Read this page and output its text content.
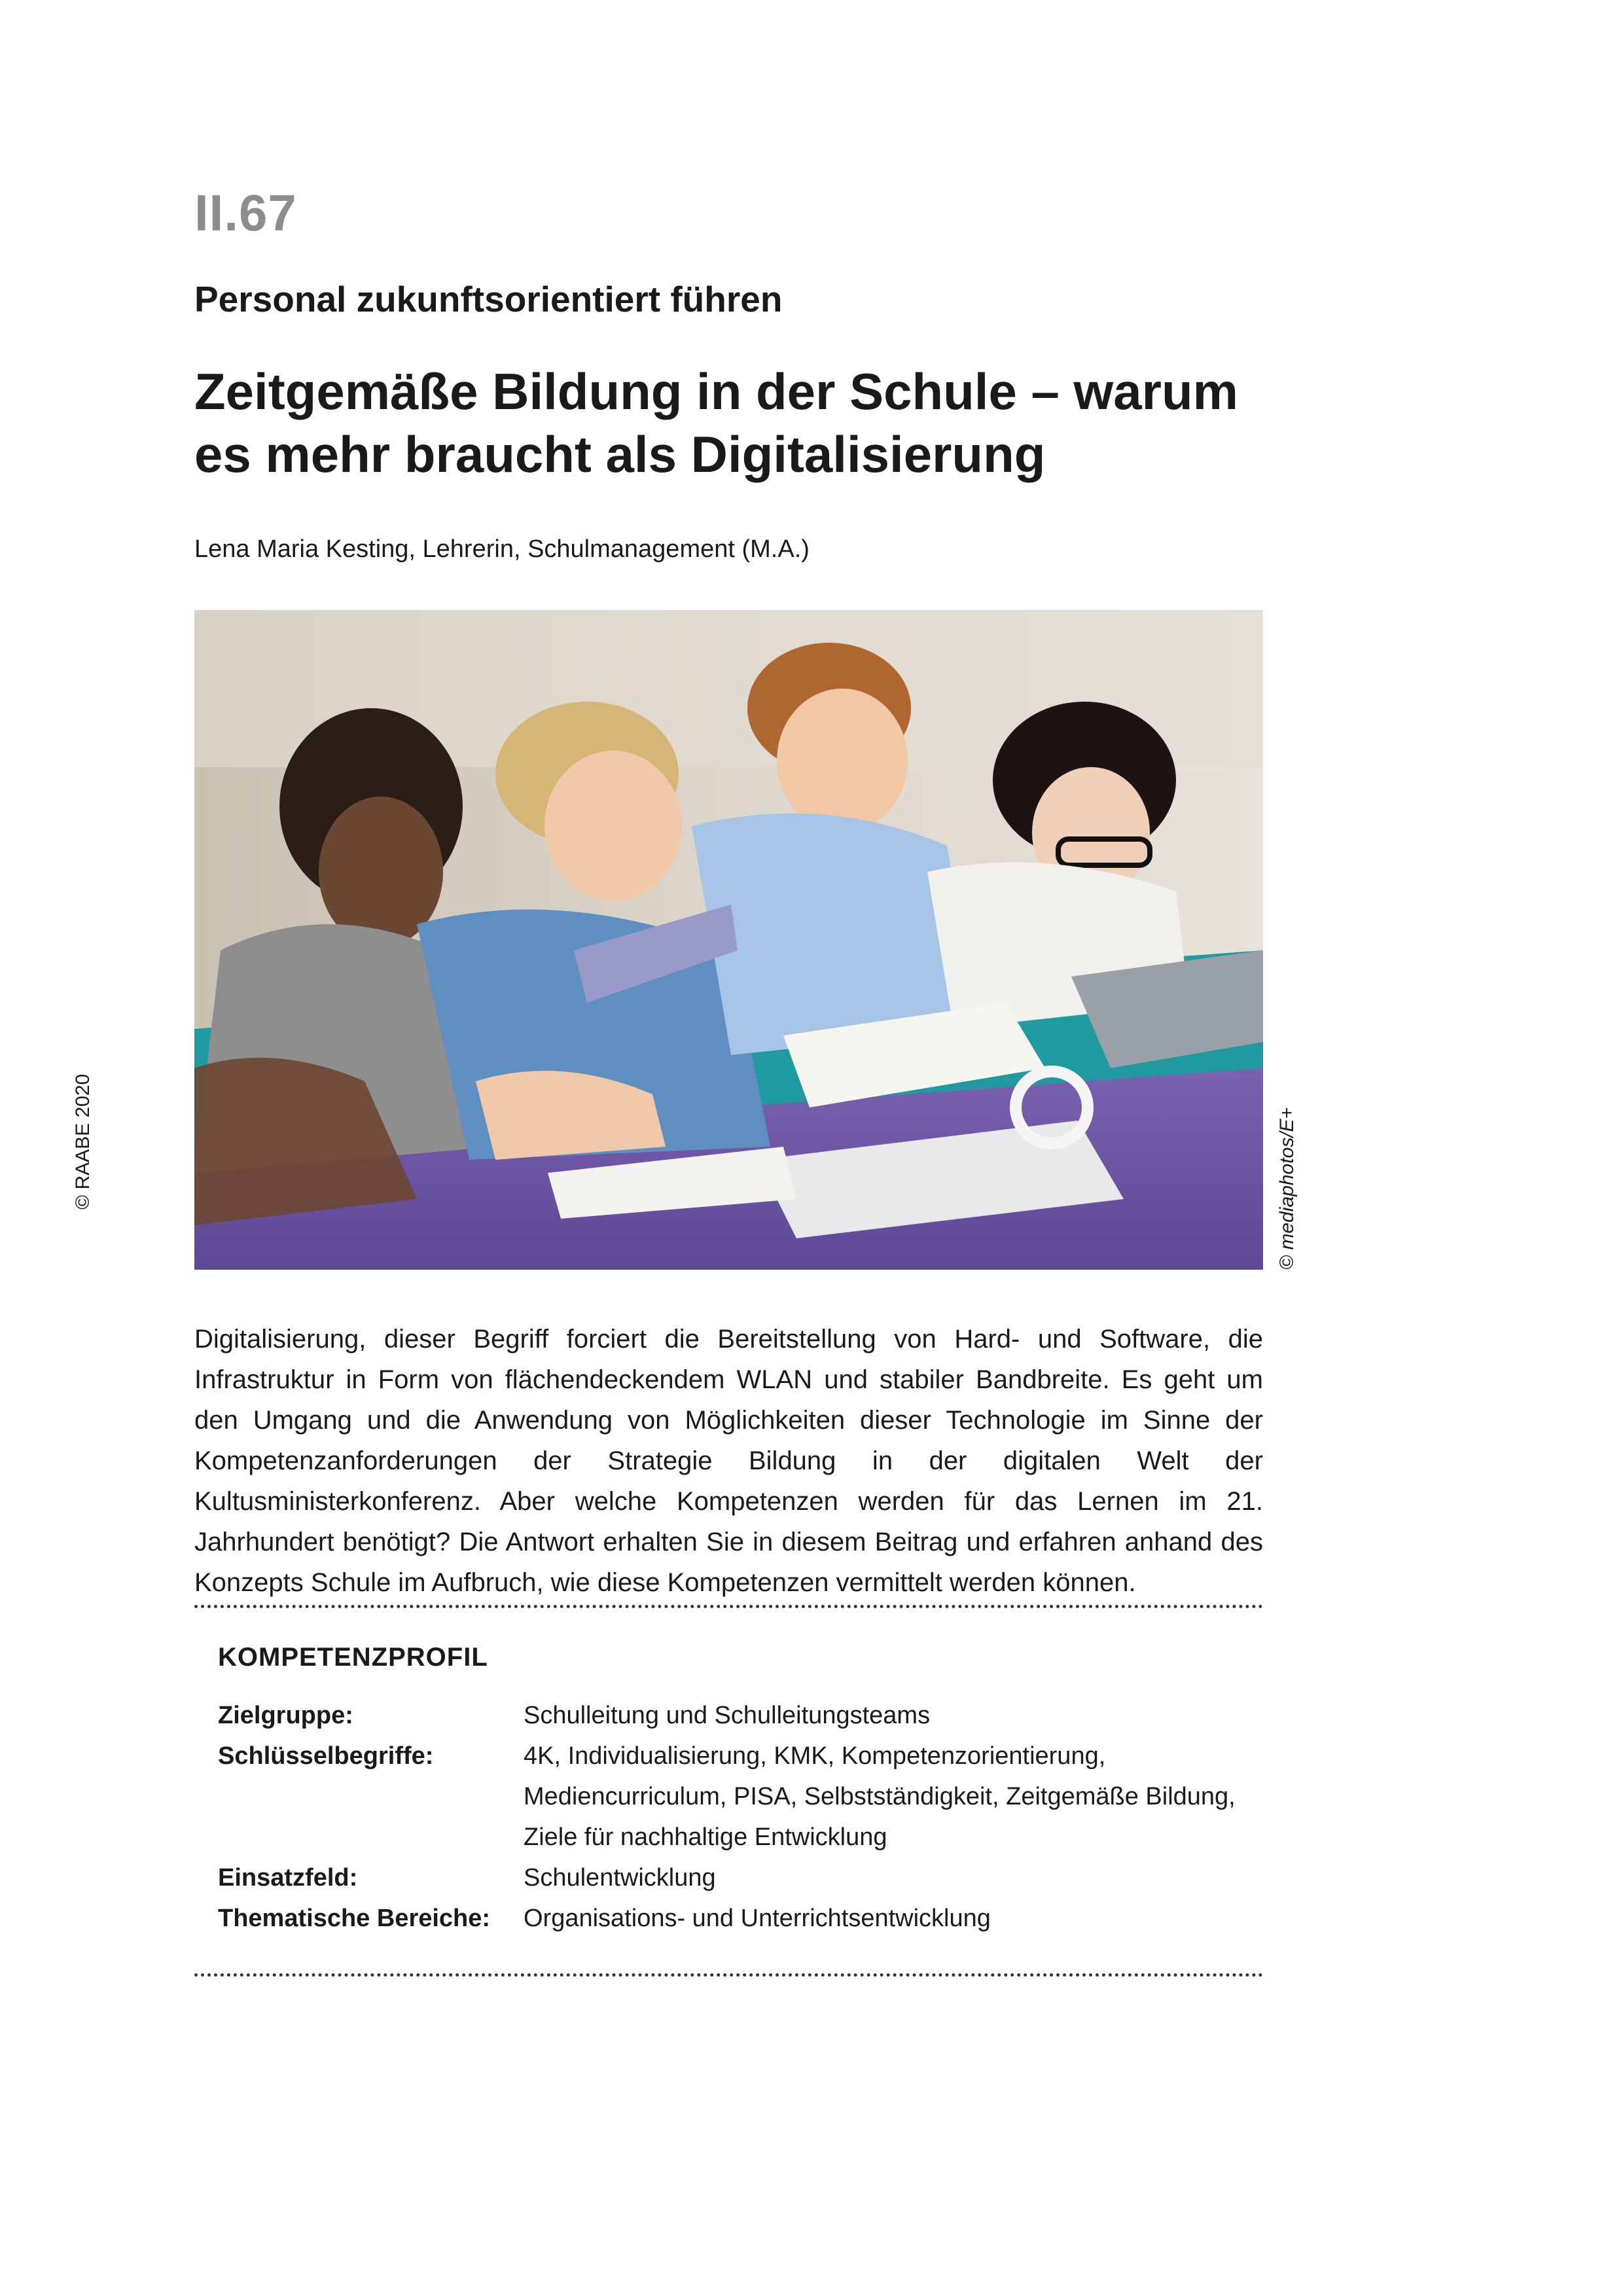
II.67
Personal zukunftsorientiert führen
Zeitgemäße Bildung in der Schule – warum
es mehr braucht als Digitalisierung
Lena Maria Kesting, Lehrerin, Schulmanagement (M.A.)
© mediaphotos/E+
© RAABE 2020

Digitalisierung, dieser Begriff forciert die Bereitstellung von Hard- und Software, die Infrastruktur in Form von flächendeckendem WLAN und stabiler Bandbreite. Es geht um den Umgang und die Anwendung von Möglichkeiten dieser Technologie im Sinne der Kompetenzanforderungen der Strategie Bildung in der digitalen Welt der Kultusministerkonferenz. Aber welche Kompetenzen werden für das Lernen im 21. Jahrhundert benötigt? Die Antwort erhalten Sie in diesem Beitrag und erfahren anhand des Konzepts Schule im Aufbruch, wie diese Kompetenzen vermittelt werden können.

KOMPETENZPROFIL
Zielgruppe:	Schulleitung und Schulleitungsteams
Schlüsselbegriffe:	4K, Individualisierung, KMK, Kompetenzorientierung, Mediencurriculum, PISA, Selbstständigkeit, Zeitgemäße Bildung, Ziele für nachhaltige Entwicklung
Einsatzfeld:	Schulentwicklung
Thematische Bereiche:	Organisations- und Unterrichtsentwicklung
